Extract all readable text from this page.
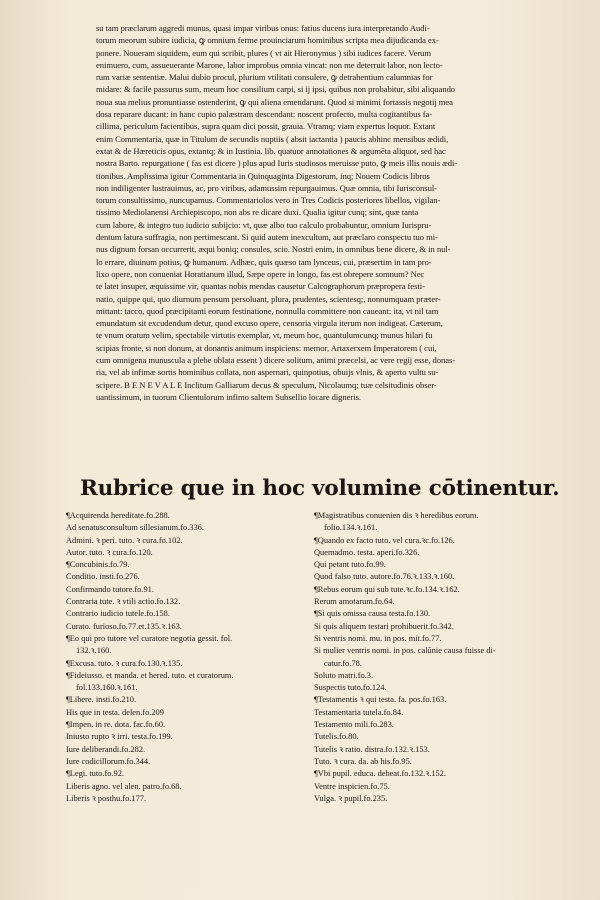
su tam præclarum aggredi munus, quasi impar viribus onus: fatius ducens iura interpretando Audi-
torum meorum subire iudicia, ꝙ omnium ferme prouinciarum hominibus scripta mea dijudicanda ex-
ponere. Noueram siquidem, eum qui scribit, plures ( vt ait Hieronymus ) sibi iudices facere. Verum
enimuero, cum, assueuerante Marone, labor improbus omnia vincat: non me deterruit labor, non lecto-
rum variæ sententiæ. Malui dubio procul, plurium vtilitati consulere, ꝙ detrahentium calumnias for
midare: & facile passurus sum, meum hoc consilium carpi, si ij ipsi, quibus non probabitur, sibi aliquando
noua sua melius pronuntiasse ostenderint, ꝙ qui aliena emendarunt. Quod si minimi fortassis negotij mea
dosa reparare ducant: in hanc cupio palæstram descendant: noscent profecto, multa cogitantibus fa-
cillima, periculum facientibus, supra quam dici possit, grauia. Vtramq; viam expertus loquor. Extant
enim Commentaria, quæ in Titulum de secundis nuptiis ( absit iactantia ) paucis abhinc mensibus ædidi,
extat & de Hæreticis opus, extantq; & in Iustinia. lib. quatuor annotationes & argumēta aliquot, sed hac
nostra Barto. repurgatione ( fas est dicere ) plus apud Iuris studiosos meruisse puto, ꝙ meis illis nouis ædi-
tionibus. Amplissima igitur Commentaria in Quinquaginta Digestorum, inq; Nouem Codicis libros
non indiligenter lustrauimus, ac, pro viribus, adamussim repurgauimus. Quæ omnia, tibi Iurisconsul-
torum consultissimo, nuncupamus. Commentariolos vero in Tres Codicis posteriores libellos, vigilan-
tissimo Mediolanensi Archiepiscopo, non abs re dicare duxi. Qualia igitur cunq; sint, quæ tanta
cum labore, & integro tuo iudicio subijcio: vt, quæ albo tuo calculo probabuntur, omnium Iurispru-
dentum latura suffragia, non pertimescant. Si quid autem inexcultum, aut præclaro conspectu tuo mi-
nus dignum forsan occurrerit, æqui boniq; consules, scio. Nostri enim, in omnibus bene dicere, & in nul-
lo errare, diuinum potius, ꝙ humanum. Adhæc, quis quæso tam lynceus, cui, præsertim in tam pro-
lixo opere, non conueniat Horatianum illud, Sæpe opere in longo, fas est obrepere somnum? Nec
te latet insuper, æquissime vir, quantas nobis mendas causetur Calcographorum præpropera festi-
natio, quippe qui, quo diurnum pensum persoluant, plura, prudentes, scientesq;, nonnumquam præter-
mittant: tacco, quod præcipitanti eorum festinatione, nonnulla committere non caueant: ita, vt nil tam
emundatum sit excudendum detur, quod excuso opere, censoria virgula iterum non indigeat. Cæterum,
te vnum oratum velim, spectabile virtutis exemplar, vt, meum hoc, quantulumcunq; munus hilari fu
scipias fronte, si non donum, at donantis animum inspiciens: memor, Artaxerxem Imperatorem ( cui,
cum omnigena munuscula a plebe oblata essent ) dicere solitum, animi præcelsi, ac vere regij esse, donas-
ria, vel ab infimæ sortis hominibus collata, non aspernari, quinpotius, obuijs vlnis, & aperto vultu su-
scipere. B E N E V A L E Inclitum Galliarum decus & speculum, Nicolaumq; tuæ celsitudinis obser-
uantissimum, in tuorum Clientulorum infimo saltem Subsellio locare digneris.
Rubrice que in hoc volumine cōtinentur.
¶Acquirenda hereditate.fo.288.
Ad senatusconsultum sillesianum.fo.336.
Admini. ꝛ peri. tuto. ꝛ cura.fo.102.
Autor. tuto. ꝛ cura.fo.120.
¶Concubinis.fo.79.
Conditio. insti.fo.276.
Confirmando tutore.fo.91.
Contraria tute. ꝛ vtili actio.fo.132.
Contrario iudicio tutele.fo.158.
Curato. furioso.fo.77.et.135.ꝛ.163.
¶Eo qui pro tutore vel curatore negotia gessit. fol.
132.ꝛ.160.
¶Excusa. tuto. ꝛ cura.fo.130.ꝛ.135.
¶Fideiusso. et manda. et hered. tuto. et curatorum.
fol.133.160.ꝛ.161.
¶Libere. insti.fo.210.
His que in testa. delen.fo.209
¶Impen. in re. dota. fac.fo.60.
Iniusto rupto ꝛ irri. testa.fo.199.
Iure deliberandi.fo.282.
Iure codicillorum.fo.344.
¶Legi. tuto.fo.92.
Liberis agno. vel alen. patro.fo.68.
Liberis ꝛ posthu.fo.177.
¶Magistratibus conuenien dis ꝛ heredibus eorum.
folio.134.ꝛ.161.
¶Quando ex facto tuto. vel cura.ꝛc.fo.126.
Quemadmo. testa. aperi.fo.326.
Qui petant tuto.fo.99.
Quod falso tuto. autore.fo.76.ꝛ.133.ꝛ.160.
¶Rebus eorum qui sub tute.ꝛc.fo.134.ꝛ.162.
Rerum amotarum.fo.64.
¶Si quis omissa causa testa.fo.130.
Si quis aliquem testari prohibuerit.fo.342.
Si ventris nomi. mu. in pos. mit.fo.77.
Si mulier ventris nomi. in pos. calūnie causa fuisse di-
catur.fo.78.
Soluto matri.fo.3.
Suspectis tuto.fo.124.
¶Testamentis ꝛ qui testa. fa. pos.fo.163.
Testamentaria tutela.fo.84.
Testamento mili.fo.283.
Tutelis.fo.80.
Tutelis ꝛ ratio. distra.fo.132.ꝛ.153.
Tuto. ꝛ cura. da. ab his.fo.95.
¶Vbi pupil. educa. debeat.fo.132.ꝛ.152.
Ventre inspicien.fo.75.
Vulga. ꝛ pupil.fo.235.
